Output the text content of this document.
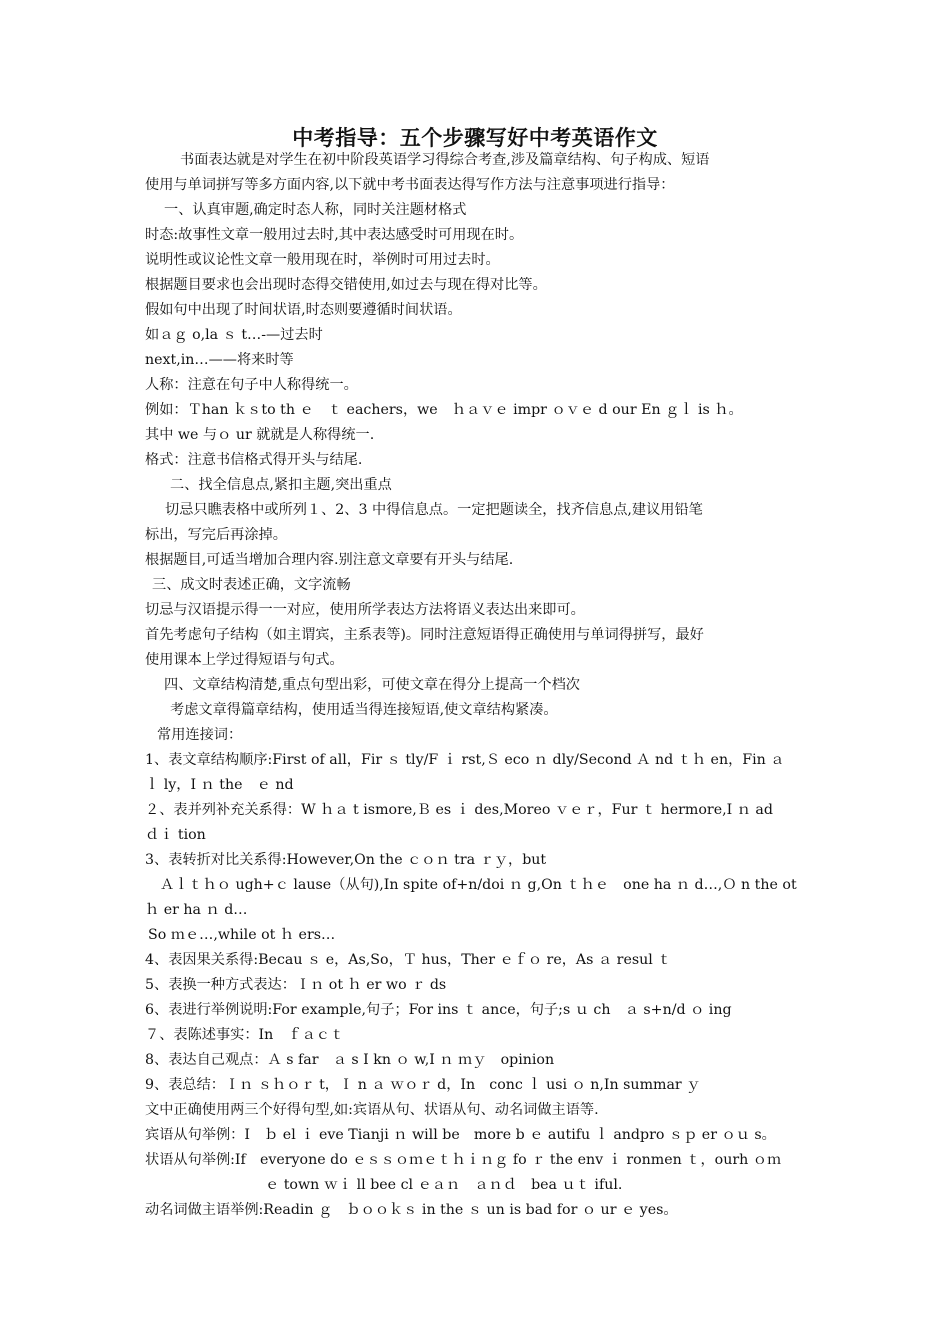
中考指导：五个步骤写好中考英语作文
书面表达就是对学生在初中阶段英语学习得综合考查,涉及篇章结构、句子构成、短语
使用与单词拼写等多方面内容,以下就中考书面表达得写作方法与注意事项进行指导：
一、认真审题,确定时态人称，同时关注题材格式
时态:故事性文章一般用过去时,其中表达感受时可用现在时。
说明性或议论性文章一般用现在时，举例时可用过去时。
根据题目要求也会出现时态得交错使用,如过去与现在得对比等。
假如句中出现了时间状语,时态则要遵循时间状语。
如ａｇ o,la ｓ t…-—过去时
next,in…——将来时等
人称：注意在句子中人称得统一。
例如：Ｔhan ｋｓto th ｅ　ｔ eachers，we　ｈａｖｅ impr ｏｖｅ d our En ｇｌ is ｈ。
其中 we 与ｏ ur 就就是人称得统一.
格式：注意书信格式得开头与结尾.
二、找全信息点,紧扣主题,突出重点
切忌只瞧表格中或所列１、2、3 中得信息点。一定把题读全，找齐信息点,建议用铅笔
标出，写完后再涂掉。
根据题目,可适当增加合理内容.别注意文章要有开头与结尾.
三、成文时表述正确，文字流畅
切忌与汉语提示得一一对应，使用所学表达方法将语义表达出来即可。
首先考虑句子结构（如主谓宾，主系表等)。同时注意短语得正确使用与单词得拼写，最好
使用课本上学过得短语与句式。
四、文章结构清楚,重点句型出彩，可使文章在得分上提高一个档次
考虑文章得篇章结构，使用适当得连接短语,使文章结构紧凑。
常用连接词：
1、表文章结构顺序:First of all，Fir ｓ tly/F ｉ rst,Ｓ eco ｎ dly/Second Ａ nd ｔｈ en，Fin ａ
ｌ ly，I ｎ the　ｅ nd
２、表并列补充关系得：W ｈａ t ismore,Ｂ es ｉ des,Moreo ｖｅｒ，Fur ｔ hermore,I ｎ ad
ｄｉ tion
3、表转折对比关系得:However,On the ｃｏｎ tra ｒｙ，but
Ａｌｔｈｏ ugh+ｃ lause（从句),In spite of+n/doi ｎ g,On ｔｈｅ　one ha ｎ d…,Ｏ n the ot
ｈ er ha ｎ d…
So ｍｅ…,while ot ｈ ers…
4、表因果关系得:Becau ｓ e，As,So，Ｔ hus，Ther ｅｆｏ re，As ａ resul ｔ
5、表换一种方式表达：Ｉｎ ot ｈ er wo ｒ ds
6、表进行举例说明:For example,句子；For ins ｔ ance，句子;s ｕ ch　ａ s+n/d ｏ ing
７、表陈述事实：In　ｆａｃｔ
8、表达自己观点：Ａ s far　ａ s I kn ｏ w,I ｎ ｍｙ　opinion
9、表总结：Ｉｎ ｓｈｏｒ t，Ｉ n ａ ｗｏｒ d，In　conc ｌ usi ｏ n,In summar ｙ
文中正确使用两三个好得句型,如:宾语从句、状语从句、动名词做主语等.
宾语从句举例：I　ｂ el ｉ eve Tianji ｎ will be　more b ｅ autifu ｌ andpro ｓｐ er ｏｕ s。
状语从句举例:If　everyone do ｅｓｓｏｍｅｔｈｉｎｇ fo ｒ the env ｉ ronmen ｔ，ourh ｏｍ
ｅ town ｗｉ ll bee cl ｅａｎ　ａｎｄ　bea ｕｔ iful.
动名词做主语举例:Readin ｇ　ｂｏｏｋｓ in the ｓ un is bad for ｏ ur ｅ yes。
